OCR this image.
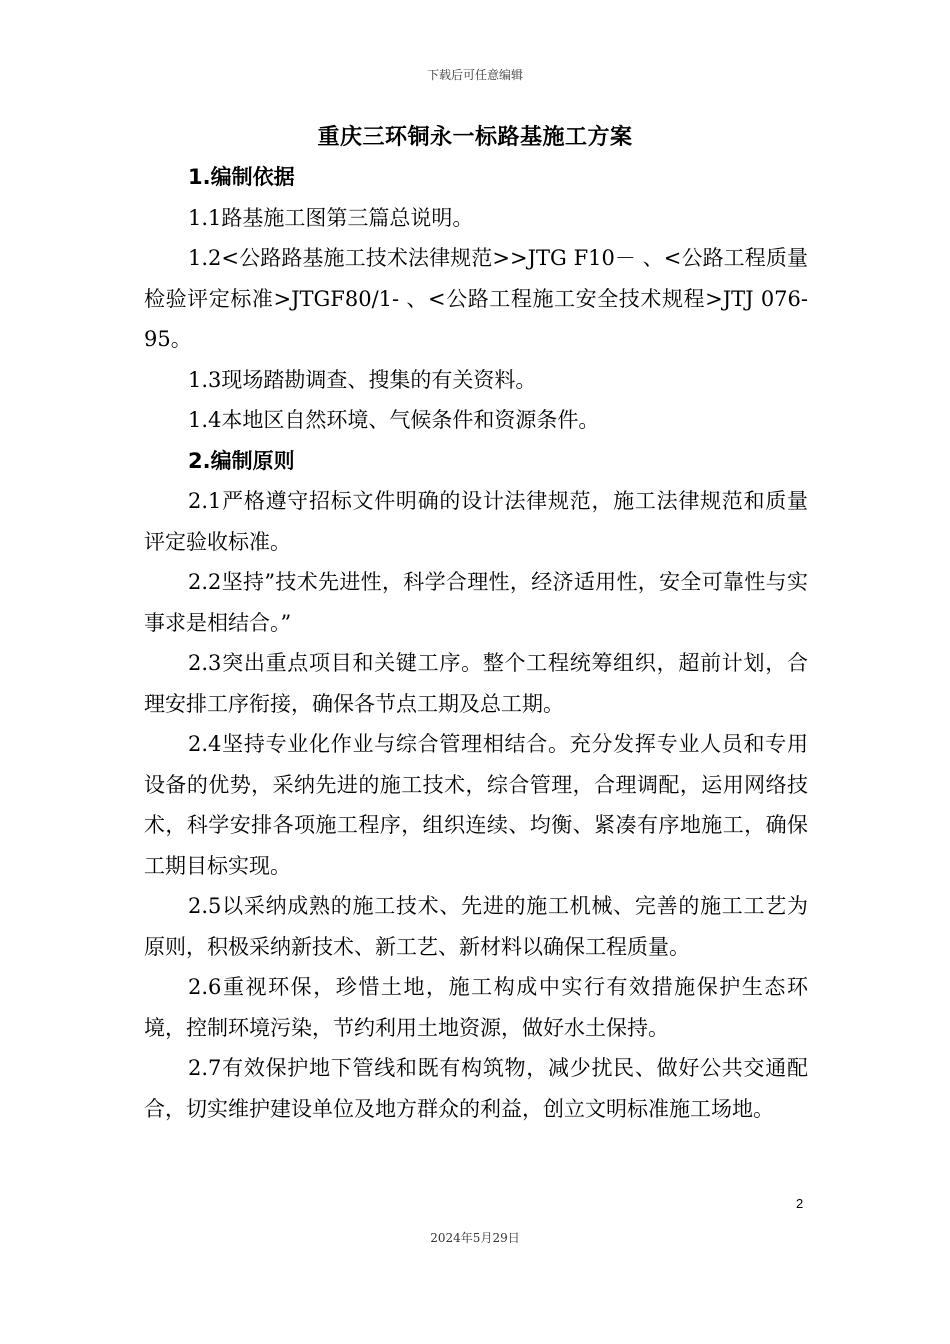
下载后可任意编辑
重庆三环铜永一标路基施工方案

1.编制依据

1.1路基施工图第三篇总说明。

1.2<公路路基施工技术法律规范>>JTG F10－ 、<公路工程质量检验评定标准>JTGF80/1- 、<公路工程施工安全技术规程>JTJ 076-95。

1.3现场踏勘调查、搜集的有关资料。

1.4本地区自然环境、气候条件和资源条件。

2.编制原则

2.1严格遵守招标文件明确的设计法律规范，施工法律规范和质量评定验收标准。

2.2坚持”技术先进性，科学合理性，经济适用性，安全可靠性与实事求是相结合。”

2.3突出重点项目和关键工序。整个工程统筹组织，超前计划，合理安排工序衔接，确保各节点工期及总工期。

2.4坚持专业化作业与综合管理相结合。充分发挥专业人员和专用设备的优势，采纳先进的施工技术，综合管理，合理调配，运用网络技术，科学安排各项施工程序，组织连续、均衡、紧凑有序地施工，确保工期目标实现。

2.5以采纳成熟的施工技术、先进的施工机械、完善的施工工艺为原则，积极采纳新技术、新工艺、新材料以确保工程质量。

2.6重视环保，珍惜土地，施工构成中实行有效措施保护生态环境，控制环境污染，节约利用土地资源，做好水土保持。

2.7有效保护地下管线和既有构筑物，减少扰民、做好公共交通配合，切实维护建设单位及地方群众的利益，创立文明标准施工场地。

2
2024年5月29日
